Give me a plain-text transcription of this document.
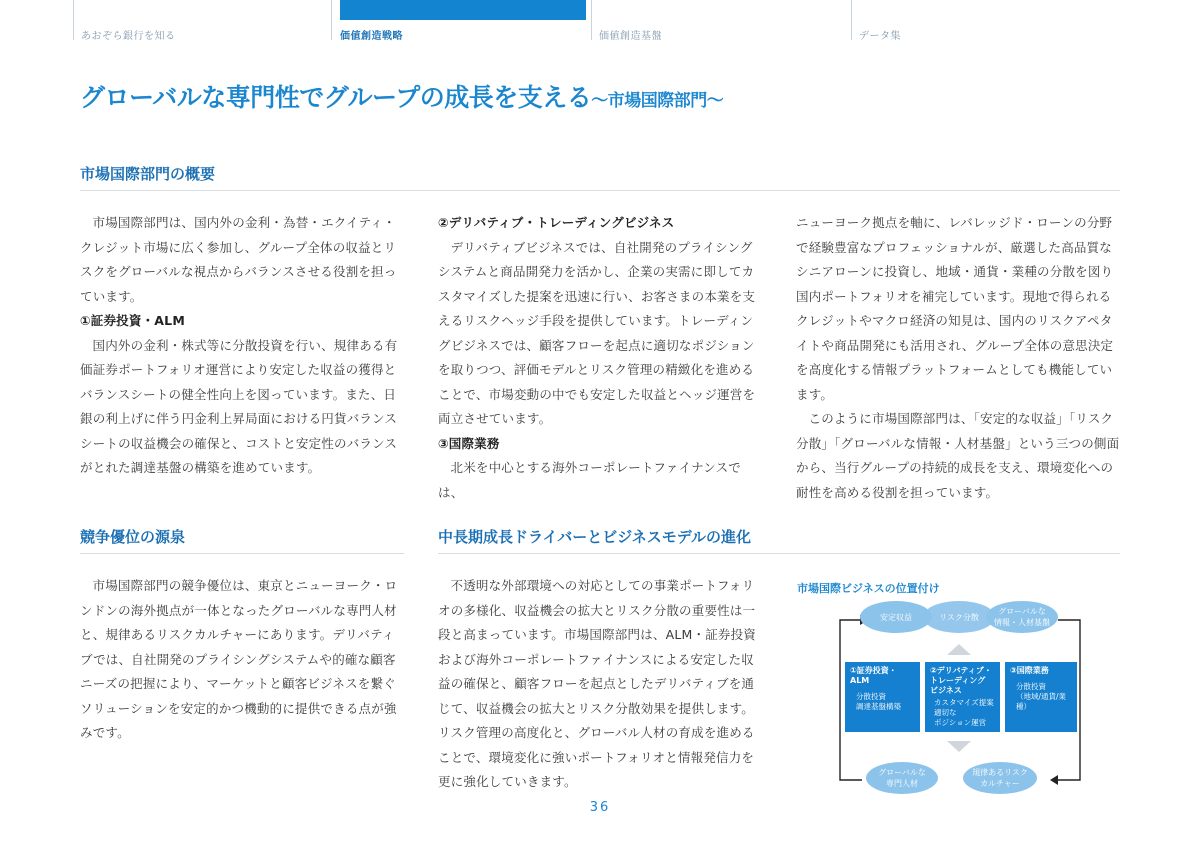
あおぞら銀行を知る	価値創造戦略	価値創造基盤	データ集
グローバルな専門性でグループの成長を支える〜市場国際部門〜
市場国際部門の概要

市場国際部門は、国内外の金利・為替・エクイティ・クレジット市場に広く参加し、グループ全体の収益とリスクをグローバルな視点からバランスさせる役割を担っています。

①証券投資・ALM

国内外の金利・株式等に分散投資を行い、規律ある有価証券ポートフォリオ運営により安定した収益の獲得とバランスシートの健全性向上を図っています。また、日銀の利上げに伴う円金利上昇局面における円貨バランスシートの収益機会の確保と、コストと安定性のバランスがとれた調達基盤の構築を進めています。

②デリバティブ・トレーディングビジネス

デリバティブビジネスでは、自社開発のプライシングシステムと商品開発力を活かし、企業の実需に即してカスタマイズした提案を迅速に行い、お客さまの本業を支えるリスクヘッジ手段を提供しています。トレーディングビジネスでは、顧客フローを起点に適切なポジションを取りつつ、評価モデルとリスク管理の精緻化を進めることで、市場変動の中でも安定した収益とヘッジ運営を両立させています。

③国際業務

北米を中心とする海外コーポレートファイナンスでは、

ニューヨーク拠点を軸に、レバレッジド・ローンの分野で経験豊富なプロフェッショナルが、厳選した高品質なシニアローンに投資し、地域・通貨・業種の分散を図り国内ポートフォリオを補完しています。現地で得られるクレジットやマクロ経済の知見は、国内のリスクアペタイトや商品開発にも活用され、グループ全体の意思決定を高度化する情報プラットフォームとしても機能しています。

このように市場国際部門は、「安定的な収益」「リスク分散」「グローバルな情報・人材基盤」という三つの側面から、当行グループの持続的成長を支え、環境変化への耐性を高める役割を担っています。

競争優位の源泉

市場国際部門の競争優位は、東京とニューヨーク・ロンドンの海外拠点が一体となったグローバルな専門人材と、規律あるリスクカルチャーにあります。デリバティブでは、自社開発のプライシングシステムや的確な顧客ニーズの把握により、マーケットと顧客ビジネスを繋ぐソリューションを安定的かつ機動的に提供できる点が強みです。

中長期成長ドライバーとビジネスモデルの進化

不透明な外部環境への対応としての事業ポートフォリオの多様化、収益機会の拡大とリスク分散の重要性は一段と高まっています。市場国際部門は、ALM・証券投資および海外コーポレートファイナンスによる安定した収益の確保と、顧客フローを起点としたデリバティブを通じて、収益機会の拡大とリスク分散効果を提供します。リスク管理の高度化と、グローバル人材の育成を進めることで、環境変化に強いポートフォリオと情報発信力を更に強化していきます。

市場国際ビジネスの位置付け
安定収益	リスク分散
グローバルな
情報・人材基盤
①証券投資・ALM
分散投資
調達基盤構築
②デリバティブ・
トレーディング
ビジネス
カスタマイズ提案
適切な
ポジション運営
③国際業務
分散投資
（地域/通貨/業種）
グローバルな
専門人材
規律あるリスク
カルチャー
36
